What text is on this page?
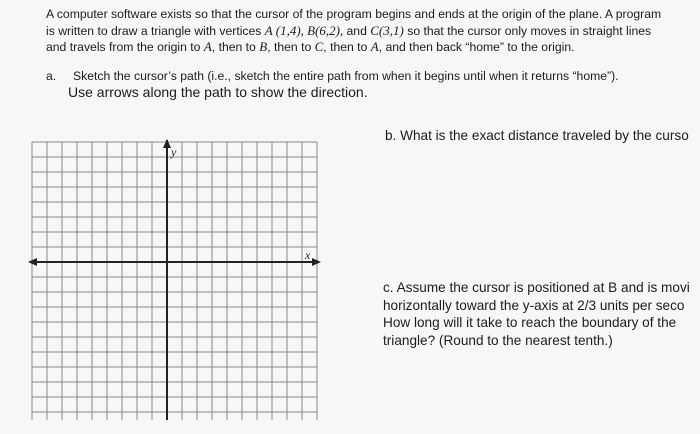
A computer software exists so that the cursor of the program begins and ends at the origin of the plane. A program
is written to draw a triangle with vertices A (1,4), B(6,2), and C(3,1) so that the cursor only moves in straight lines
and travels from the origin to A, then to B, then to C, then to A, and then back “home” to the origin.
a. Sketch the cursor’s path (i.e., sketch the entire path from when it begins until when it returns “home”).
Use arrows along the path to show the direction.
x
y
b. What is the exact distance traveled by the curso
c. Assume the cursor is positioned at B and is movi
horizontally toward the y-axis at 2/3 units per seco
How long will it take to reach the boundary of the
triangle? (Round to the nearest tenth.)
